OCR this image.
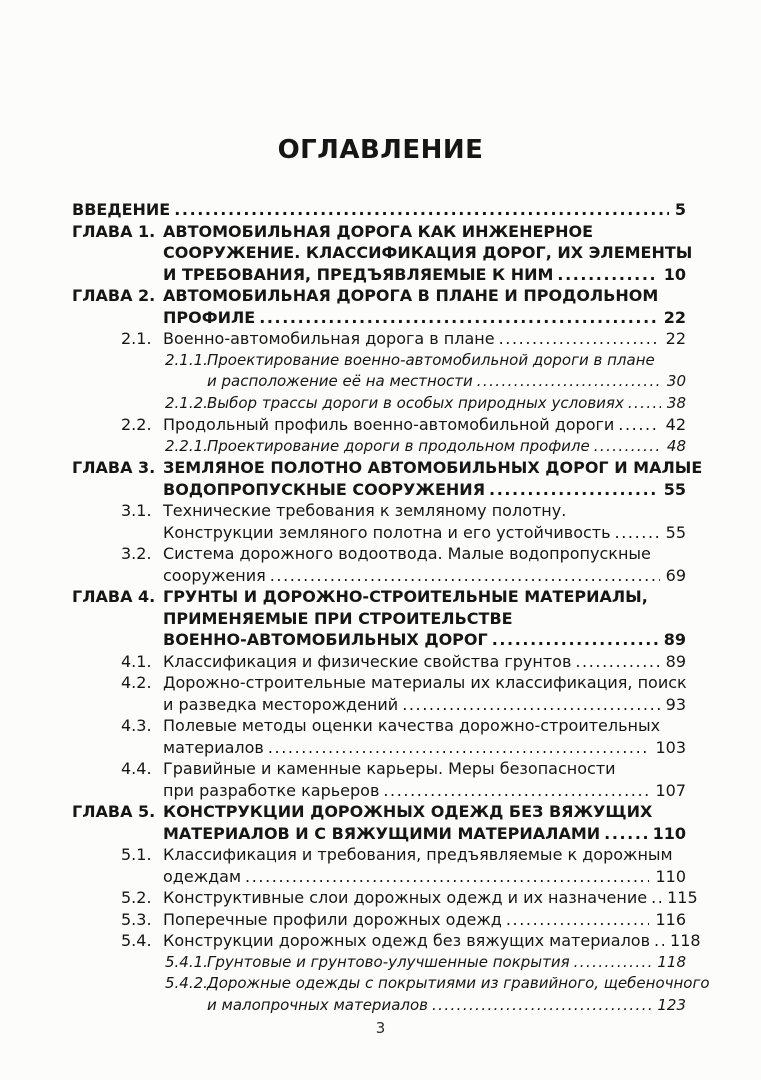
ОГЛАВЛЕНИЕ
ВВЕДЕНИЕ .....	5
ГЛАВА 1. АВТОМОБИЛЬНАЯ ДОРОГА КАК ИНЖЕНЕРНОЕ
СООРУЖЕНИЕ. КЛАССИФИКАЦИЯ ДОРОГ, ИХ ЭЛЕМЕНТЫ
И ТРЕБОВАНИЯ, ПРЕДЪЯВЛЯЕМЫЕ К НИМ .....	10
ГЛАВА 2. АВТОМОБИЛЬНАЯ ДОРОГА В ПЛАНЕ И ПРОДОЛЬНОМ
ПРОФИЛЕ .....	22
2.1. Военно-автомобильная дорога в плане .....	22
2.1.1. Проектирование военно-автомобильной дороги в плане
и расположение её на местности .....	30
2.1.2. Выбор трассы дороги в особых природных условиях .....	38
2.2. Продольный профиль военно-автомобильной дороги .....	42
2.2.1. Проектирование дороги в продольном профиле .....	48
ГЛАВА 3. ЗЕМЛЯНОЕ ПОЛОТНО АВТОМОБИЛЬНЫХ ДОРОГ И МАЛЫЕ
ВОДОПРОПУСКНЫЕ СООРУЖЕНИЯ .....	55
3.1. Технические требования к земляному полотну.
Конструкции земляного полотна и его устойчивость .....	55
3.2. Система дорожного водоотвода. Малые водопропускные
сооружения .....	69
ГЛАВА 4. ГРУНТЫ И ДОРОЖНО-СТРОИТЕЛЬНЫЕ МАТЕРИАЛЫ,
ПРИМЕНЯЕМЫЕ ПРИ СТРОИТЕЛЬСТВЕ
ВОЕННО-АВТОМОБИЛЬНЫХ ДОРОГ .....	89
4.1. Классификация и физические свойства грунтов .....	89
4.2. Дорожно-строительные материалы их классификация, поиск
и разведка месторождений .....	93
4.3. Полевые методы оценки качества дорожно-строительных
материалов .....	103
4.4. Гравийные и каменные карьеры. Меры безопасности
при разработке карьеров .....	107
ГЛАВА 5. КОНСТРУКЦИИ ДОРОЖНЫХ ОДЕЖД БЕЗ ВЯЖУЩИХ
МАТЕРИАЛОВ И С ВЯЖУЩИМИ МАТЕРИАЛАМИ .....	110
5.1. Классификация и требования, предъявляемые к дорожным
одеждам .....	110
5.2. Конструктивные слои дорожных одежд и их назначение ..... 115
5.3. Поперечные профили дорожных одежд .....	116
5.4. Конструкции дорожных одежд без вяжущих материалов ..... 118
5.4.1. Грунтовые и грунтово-улучшенные покрытия .....	118
5.4.2. Дорожные одежды с покрытиями из гравийного, щебеночного
и малопрочных материалов .....	123
3
